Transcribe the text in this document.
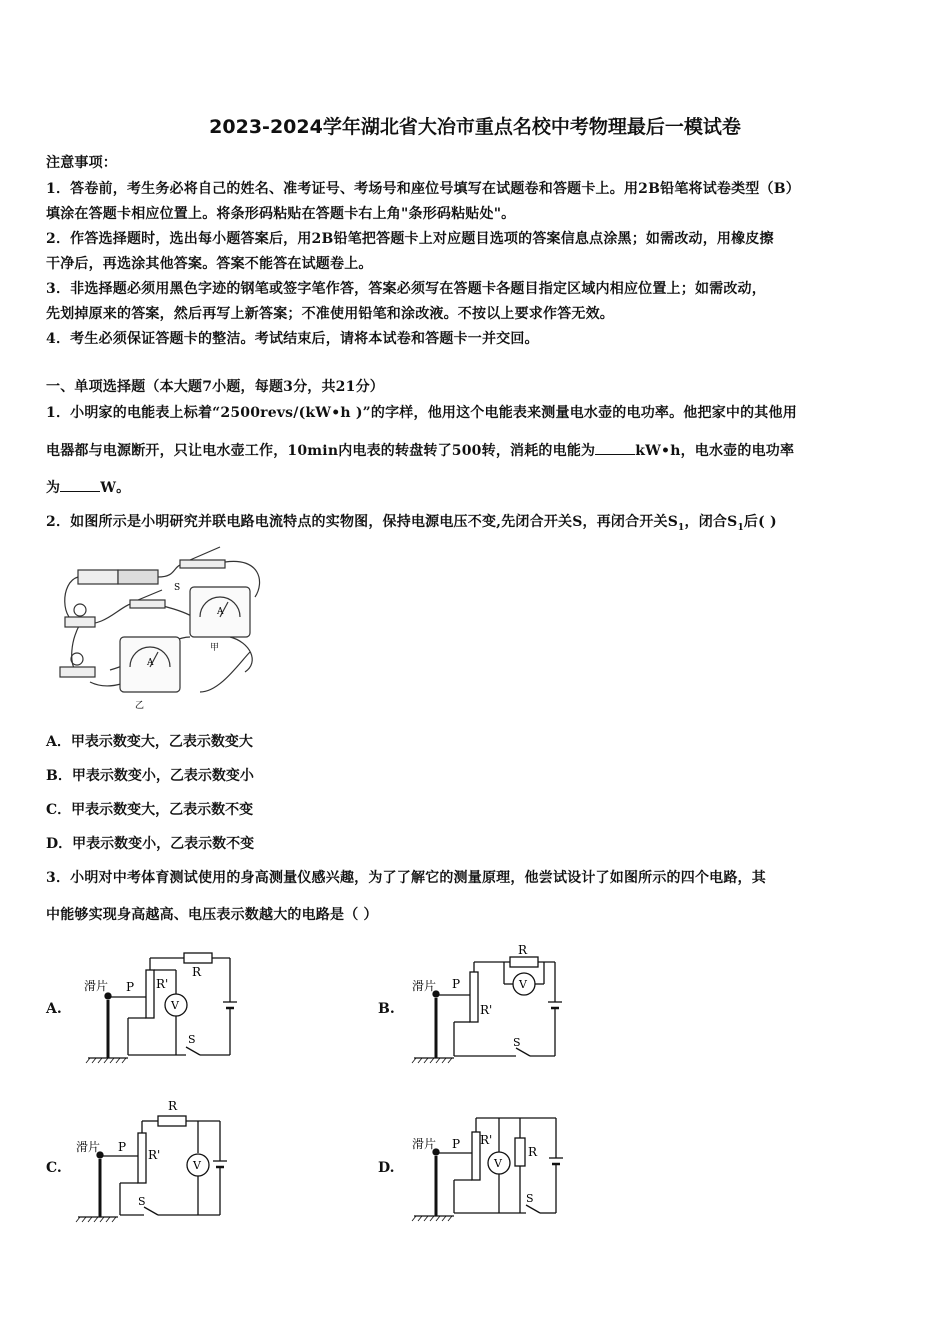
2023-2024学年湖北省大冶市重点名校中考物理最后一模试卷
注意事项：
1．答卷前，考生务必将自己的姓名、准考证号、考场号和座位号填写在试题卷和答题卡上。用2B铅笔将试卷类型（B）
填涂在答题卡相应位置上。将条形码粘贴在答题卡右上角"条形码粘贴处"。
2．作答选择题时，选出每小题答案后，用2B铅笔把答题卡上对应题目选项的答案信息点涂黑；如需改动，用橡皮擦
干净后，再选涂其他答案。答案不能答在试题卷上。
3．非选择题必须用黑色字迹的钢笔或签字笔作答，答案必须写在答题卡各题目指定区域内相应位置上；如需改动，
先划掉原来的答案，然后再写上新答案；不准使用铅笔和涂改液。不按以上要求作答无效。
4．考生必须保证答题卡的整洁。考试结束后，请将本试卷和答题卡一并交回。
一、单项选择题（本大题7小题，每题3分，共21分）
1．小明家的电能表上标着“2500revs/(kW•h )”的字样，他用这个电能表来测量电水壶的电功率。他把家中的其他用
电器都与电源断开，只让电水壶工作，10min内电表的转盘转了500转，消耗的电能为	kW•h，电水壶的电功率
为	W。
2．如图所示是小明研究并联电路电流特点的实物图，保持电源电压不变,先闭合开关S，再闭合开关$S_1$，闭合$S_1$后( )
S
A
A
甲
乙
A．甲表示数变大，乙表示数变大
B．甲表示数变小，乙表示数变小
C．甲表示数变大，乙表示数不变
D．甲表示数变小，乙表示数不变
3．小明对中考体育测试使用的身高测量仪感兴趣，为了了解它的测量原理，他尝试设计了如图所示的四个电路，其
中能够实现身高越高、电压表示数越大的电路是（ ）
A.	B.
C.	D.
滑片 P R'
R
V
S
滑片 P
R'
R
V
S
滑片 P
R'
R
V
S
滑片 P R'
R
V
S
